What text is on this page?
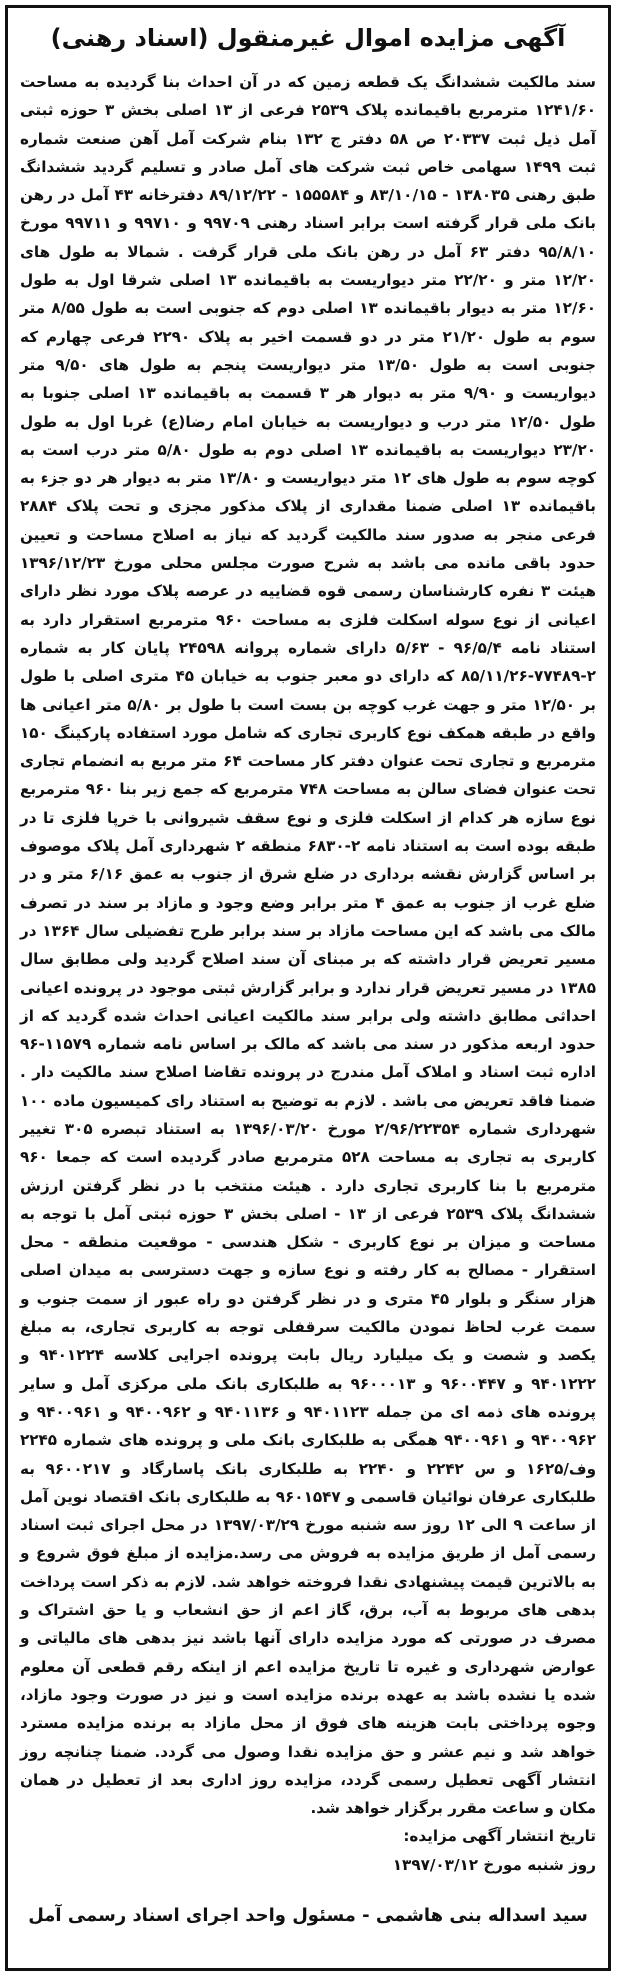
آگهی مزایده اموال غیرمنقول (اسناد رهنی)

سند مالکیت ششدانگ یک قطعه زمین که در آن احداث بنا گردیده به مساحت ۱۲۴۱/۶۰ مترمربع باقیمانده پلاک ۲۵۳۹ فرعی از ۱۳ اصلی بخش ۳ حوزه ثبتی آمل ذیل ثبت ۲۰۳۳۷ ص ۵۸ دفتر ج ۱۳۲ بنام شرکت آمل آهن صنعت شماره ثبت ۱۴۹۹ سهامی خاص ثبت شرکت های آمل صادر و تسلیم گردید ششدانگ طبق رهنی ۱۳۸۰۳۵ - ۸۳/۱۰/۱۵ و ۱۵۵۵۸۴ - ۸۹/۱۲/۲۲ دفترخانه ۴۳ آمل در رهن بانک ملی قرار گرفته است برابر اسناد رهنی ۹۹۷۰۹ و ۹۹۷۱۰ و ۹۹۷۱۱ مورخ ۹۵/۸/۱۰ دفتر ۶۳ آمل در رهن بانک ملی قرار گرفت . شمالا به طول های ۱۲/۲۰ متر و ۲۲/۲۰ متر دیواریست به باقیمانده ۱۳ اصلی شرقا اول به طول ۱۲/۶۰ متر به دیوار باقیمانده ۱۳ اصلی دوم که جنوبی است به طول ۸/۵۵ متر سوم به طول ۲۱/۲۰ متر در دو قسمت اخیر به پلاک ۲۲۹۰ فرعی چهارم که جنوبی است به طول ۱۳/۵۰ متر دیواریست پنجم به طول های ۹/۵۰ متر دیواریست و ۹/۹۰ متر به دیوار هر ۳ قسمت به باقیمانده ۱۳ اصلی جنوبا به طول ۱۲/۵۰ متر درب و دیواریست به خیابان امام رضا(ع) غربا اول به طول ۲۳/۲۰ دیواریست به باقیمانده ۱۳ اصلی دوم به طول ۵/۸۰ متر درب است به کوچه سوم به طول های ۱۲ متر دیواریست و ۱۳/۸۰ متر به دیوار هر دو جزء به باقیمانده ۱۳ اصلی ضمنا مقداری از پلاک مذکور مجزی و تحت پلاک ۲۸۸۴ فرعی منجر به صدور سند مالکیت گردید که نیاز به اصلاح مساحت و تعیین حدود باقی مانده می باشد به شرح صورت مجلس محلی مورخ ۱۳۹۶/۱۲/۲۳ هیئت ۳ نفره کارشناسان رسمی قوه قضاییه در عرصه پلاک مورد نظر دارای اعیانی از نوع سوله اسکلت فلزی به مساحت ۹۶۰ مترمربع استقرار دارد به استناد نامه ۹۶/۵/۴ - ۵/۶۳ دارای شماره پروانه ۲۴۵۹۸ پایان کار به شماره ۲-۷۷۴۸۹-۸۵/۱۱/۲۶ که دارای دو معبر جنوب به خیابان ۴۵ متری اصلی با طول بر ۱۲/۵۰ متر و جهت غرب کوچه بن بست است با طول بر ۵/۸۰ متر اعیانی ها واقع در طبقه همکف نوع کاربری تجاری که شامل مورد استفاده پارکینگ ۱۵۰ مترمربع و تجاری تحت عنوان دفتر کار مساحت ۶۴ متر مربع به انضمام تجاری تحت عنوان فضای سالن به مساحت ۷۴۸ مترمربع که جمع زیر بنا ۹۶۰ مترمربع نوع سازه هر کدام از اسکلت فلزی و نوع سقف شیروانی با خرپا فلزی تا در طبقه بوده است به استناد نامه ۲-۶۸۳۰ منطقه ۲ شهرداری آمل پلاک موصوف بر اساس گزارش نقشه برداری در ضلع شرق از جنوب به عمق ۶/۱۶ متر و در ضلع غرب از جنوب به عمق ۴ متر برابر وضع وجود و مازاد بر سند در تصرف مالک می باشد که این مساحت مازاد بر سند برابر طرح تفضیلی سال ۱۳۶۴ در مسیر تعریض قرار داشته که بر مبنای آن سند اصلاح گردید ولی مطابق سال ۱۳۸۵ در مسیر تعریض قرار ندارد و برابر گزارش ثبتی موجود در پرونده اعیانی احداثی مطابق داشته ولی برابر سند مالکیت اعیانی احداث شده گردید که از حدود اربعه مذکور در سند می باشد که مالک بر اساس نامه شماره ۱۱۵۷۹-۹۶ اداره ثبت اسناد و املاک آمل مندرج در پرونده تقاضا اصلاح سند مالکیت دار . ضمنا فاقد تعریض می باشد . لازم به توضیح به استناد رای کمیسیون ماده ۱۰۰ شهرداری شماره ۲/۹۶/۲۲۳۵۴ مورخ ۱۳۹۶/۰۳/۲۰ به استناد تبصره ۳۰۵ تغییر کاربری به تجاری به مساحت ۵۲۸ مترمربع صادر گردیده است که جمعا ۹۶۰ مترمربع با بنا کاربری تجاری دارد . هیئت منتخب با در نظر گرفتن ارزش ششدانگ پلاک ۲۵۳۹ فرعی از ۱۳ - اصلی بخش ۳ حوزه ثبتی آمل با توجه به مساحت و میزان بر نوع کاربری - شکل هندسی - موقعیت منطقه - محل استقرار - مصالح به کار رفته و نوع سازه و جهت دسترسی به میدان اصلی هزار سنگر و بلوار ۴۵ متری و در نظر گرفتن دو راه عبور از سمت جنوب و سمت غرب لحاظ نمودن مالکیت سرقفلی توجه به کاربری تجاری، به مبلغ یکصد و شصت و یک میلیارد ریال بابت پرونده اجرایی کلاسه ۹۴۰۱۲۲۴ و ۹۴۰۱۲۲۲ و ۹۶۰۰۴۴۷ و ۹۶۰۰۰۱۳ به طلبکاری بانک ملی مرکزی آمل و سایر پرونده های ذمه ای من جمله ۹۴۰۱۱۲۳ و ۹۴۰۱۱۳۶ و ۹۴۰۰۹۶۲ و ۹۴۰۰۹۶۱ و ۹۴۰۰۹۶۲ و ۹۴۰۰۹۶۱ همگی به طلبکاری بانک ملی و پرونده های شماره ۲۲۴۵ وف/۱۶۲۵ و س ۲۲۴۲ و ۲۲۴۰ به طلبکاری بانک پاسارگاد و ۹۶۰۰۲۱۷ به طلبکاری عرفان نوائیان قاسمی و ۹۶۰۱۵۴۷ به طلبکاری بانک اقتصاد نوین آمل از ساعت ۹ الی ۱۲ روز سه شنبه مورخ ۱۳۹۷/۰۳/۲۹ در محل اجرای ثبت اسناد رسمی آمل از طریق مزایده به فروش می رسد.مزایده از مبلغ فوق شروع و به بالاترین قیمت پیشنهادی نقدا فروخته خواهد شد. لازم به ذکر است پرداخت بدهی های مربوط به آب، برق، گاز اعم از حق انشعاب و یا حق اشتراک و مصرف در صورتی که مورد مزایده دارای آنها باشد نیز بدهی های مالیاتی و عوارض شهرداری و غیره تا تاریخ مزایده اعم از اینکه رقم قطعی آن معلوم شده یا نشده باشد به عهده برنده مزایده است و نیز در صورت وجود مازاد، وجوه پرداختی بابت هزینه های فوق از محل مازاد به برنده مزایده مسترد خواهد شد و نیم عشر و حق مزایده نقدا وصول می گردد. ضمنا چنانچه روز انتشار آگهی تعطیل رسمی گردد، مزایده روز اداری بعد از تعطیل در همان مکان و ساعت مقرر برگزار خواهد شد.

تاریخ انتشار آگهی مزایده:
روز شنبه مورخ ۱۳۹۷/۰۳/۱۲
سید اسداله بنی هاشمی - مسئول واحد اجرای اسناد رسمی آمل
